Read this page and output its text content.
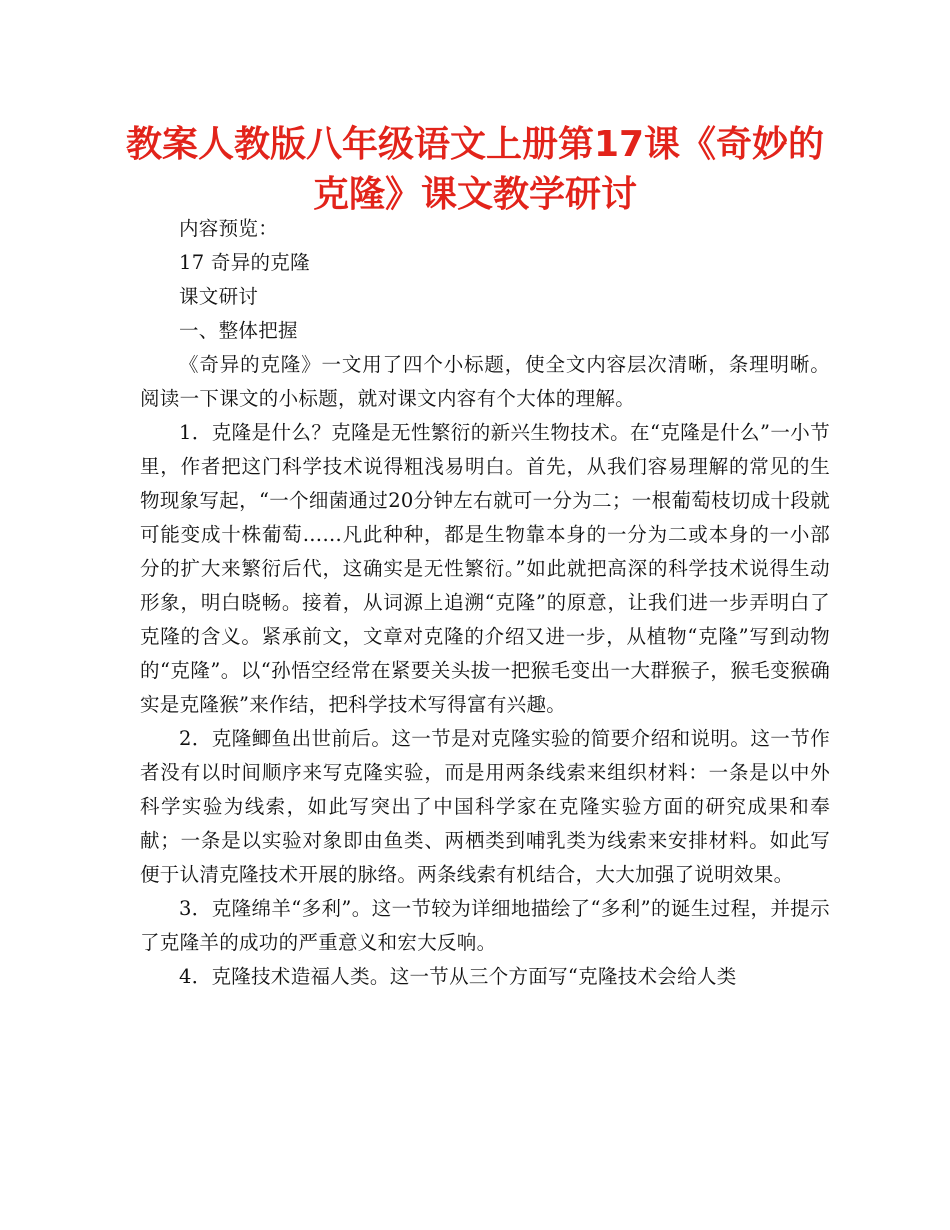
教案人教版八年级语文上册第17课《奇妙的克隆》课文教学研讨

内容预览：

17 奇异的克隆

课文研讨

一、整体把握

《奇异的克隆》一文用了四个小标题，使全文内容层次清晰，条理明晰。阅读一下课文的小标题，就对课文内容有个大体的理解。

1．克隆是什么？克隆是无性繁衍的新兴生物技术。在“克隆是什么”一小节里，作者把这门科学技术说得粗浅易明白。首先，从我们容易理解的常见的生物现象写起，“一个细菌通过20分钟左右就可一分为二；一根葡萄枝切成十段就可能变成十株葡萄……凡此种种，都是生物靠本身的一分为二或本身的一小部分的扩大来繁衍后代，这确实是无性繁衍。”如此就把高深的科学技术说得生动形象，明白晓畅。接着，从词源上追溯“克隆”的原意，让我们进一步弄明白了克隆的含义。紧承前文，文章对克隆的介绍又进一步，从植物“克隆”写到动物的“克隆”。以“孙悟空经常在紧要关头拔一把猴毛变出一大群猴子，猴毛变猴确实是克隆猴”来作结，把科学技术写得富有兴趣。

2．克隆鲫鱼出世前后。这一节是对克隆实验的简要介绍和说明。这一节作者没有以时间顺序来写克隆实验，而是用两条线索来组织材料：一条是以中外科学实验为线索，如此写突出了中国科学家在克隆实验方面的研究成果和奉献；一条是以实验对象即由鱼类、两栖类到哺乳类为线索来安排材料。如此写便于认清克隆技术开展的脉络。两条线索有机结合，大大加强了说明效果。

3．克隆绵羊“多利”。这一节较为详细地描绘了“多利”的诞生过程，并提示了克隆羊的成功的严重意义和宏大反响。

4．克隆技术造福人类。这一节从三个方面写“克隆技术会给人类
